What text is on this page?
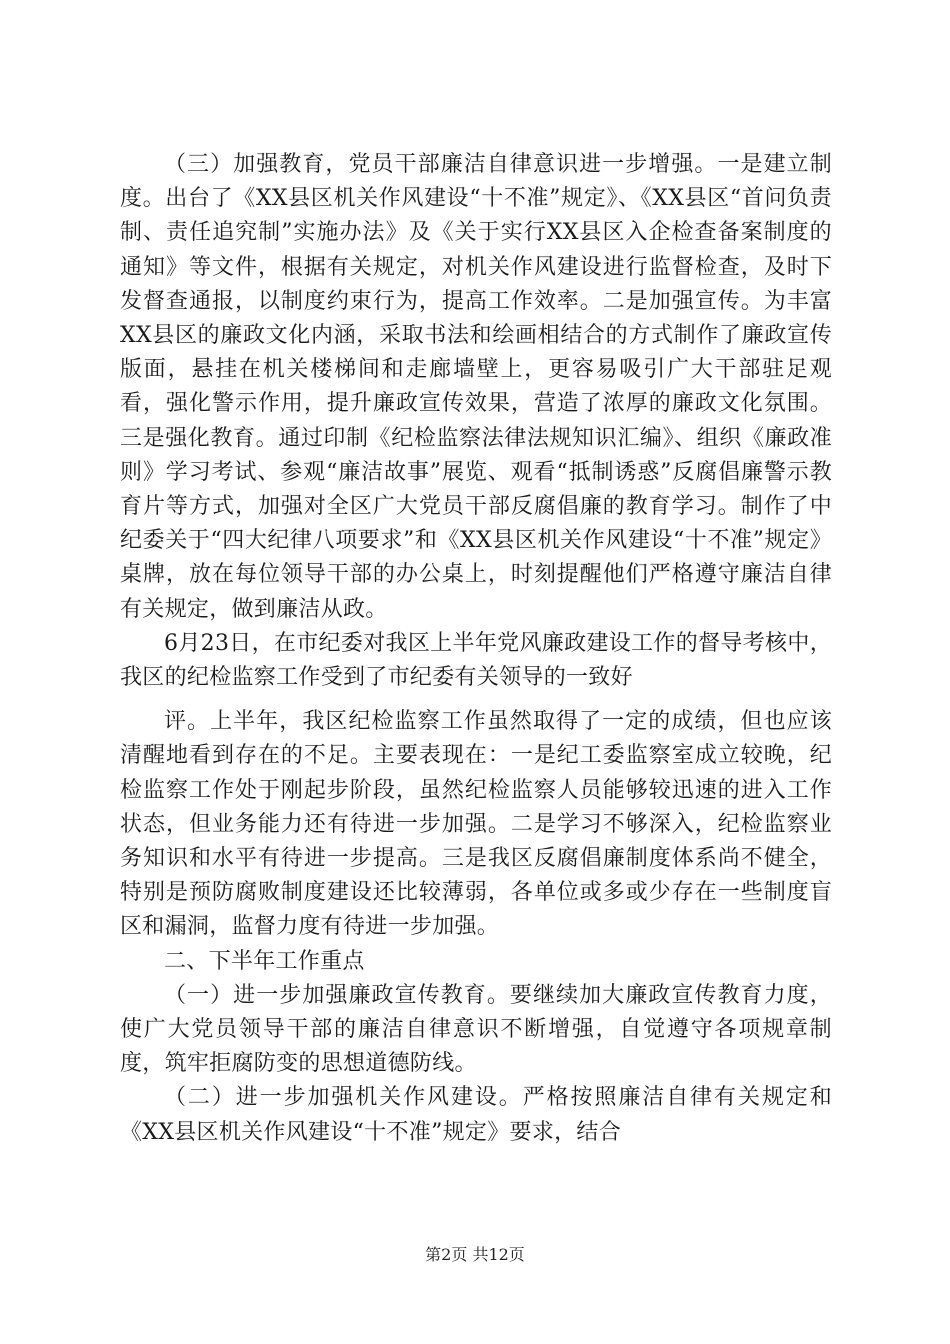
（三）加强教育，党员干部廉洁自律意识进一步增强。一是建立制度。出台了《XX县区机关作风建设“十不准”规定》、《XX县区“首问负责制、责任追究制”实施办法》及《关于实行XX县区入企检查备案制度的通知》等文件，根据有关规定，对机关作风建设进行监督检查，及时下发督查通报，以制度约束行为，提高工作效率。二是加强宣传。为丰富XX县区的廉政文化内涵，采取书法和绘画相结合的方式制作了廉政宣传版面，悬挂在机关楼梯间和走廊墙壁上，更容易吸引广大干部驻足观看，强化警示作用，提升廉政宣传效果，营造了浓厚的廉政文化氛围。三是强化教育。通过印制《纪检监察法律法规知识汇编》、组织《廉政准则》学习考试、参观“廉洁故事”展览、观看“抵制诱惑”反腐倡廉警示教育片等方式，加强对全区广大党员干部反腐倡廉的教育学习。制作了中纪委关于“四大纪律八项要求”和《XX县区机关作风建设“十不准”规定》桌牌，放在每位领导干部的办公桌上，时刻提醒他们严格遵守廉洁自律有关规定，做到廉洁从政。

6月23日，在市纪委对我区上半年党风廉政建设工作的督导考核中，我区的纪检监察工作受到了市纪委有关领导的一致好

评。上半年，我区纪检监察工作虽然取得了一定的成绩，但也应该清醒地看到存在的不足。主要表现在：一是纪工委监察室成立较晚，纪检监察工作处于刚起步阶段，虽然纪检监察人员能够较迅速的进入工作状态，但业务能力还有待进一步加强。二是学习不够深入，纪检监察业务知识和水平有待进一步提高。三是我区反腐倡廉制度体系尚不健全，特别是预防腐败制度建设还比较薄弱，各单位或多或少存在一些制度盲区和漏洞，监督力度有待进一步加强。

二、下半年工作重点

（一）进一步加强廉政宣传教育。要继续加大廉政宣传教育力度，使广大党员领导干部的廉洁自律意识不断增强，自觉遵守各项规章制度，筑牢拒腐防变的思想道德防线。

（二）进一步加强机关作风建设。严格按照廉洁自律有关规定和《XX县区机关作风建设“十不准”规定》要求，结合

第2页 共12页
